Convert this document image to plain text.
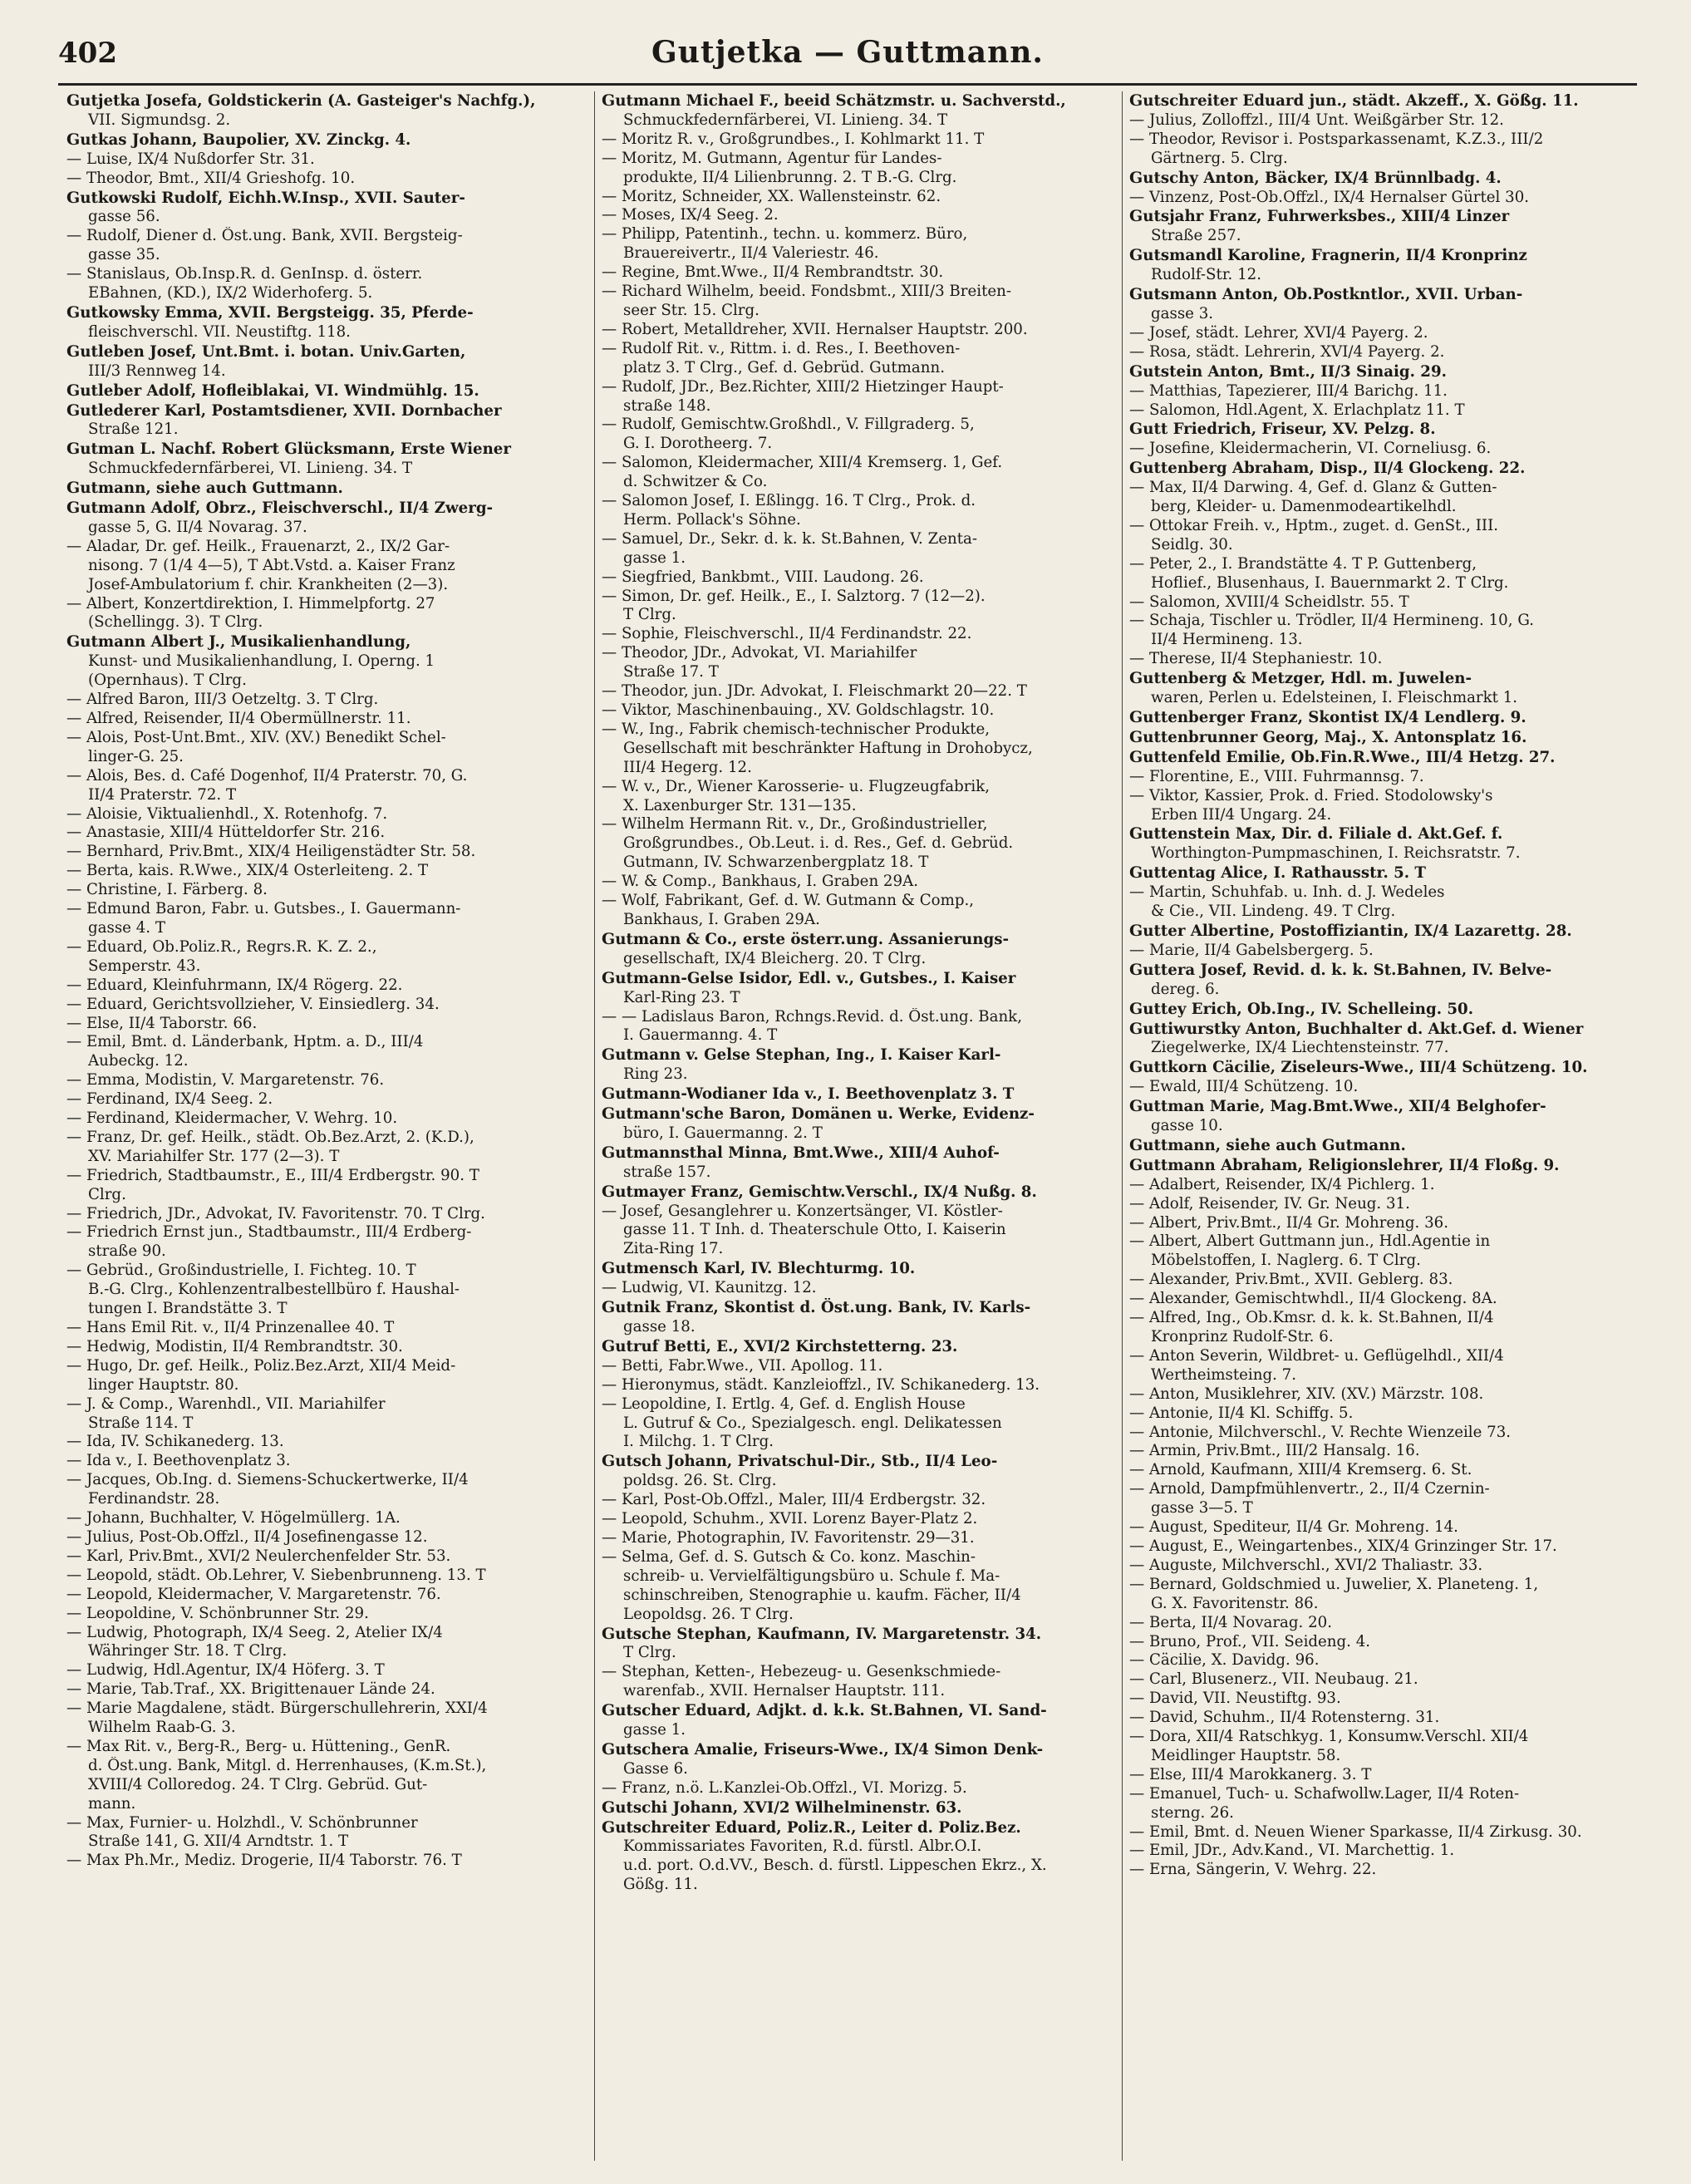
402	Gutjetka — Guttmann.
Gutjetka Josefa, Goldstickerin (A. Gasteiger's Nachfg.),
VII. Sigmundsg. 2.
Gutkas Johann, Baupolier, XV. Zinckg. 4.
— Luise, IX/4 Nußdorfer Str. 31.
— Theodor, Bmt., XII/4 Grieshofg. 10.
Gutkowski Rudolf, Eichh.W.Insp., XVII. Sauter-
gasse 56.
— Rudolf, Diener d. Öst.ung. Bank, XVII. Bergsteig-
gasse 35.
— Stanislaus, Ob.Insp.R. d. GenInsp. d. österr.
EBahnen, (KD.), IX/2 Widerhoferg. 5.
Gutkowsky Emma, XVII. Bergsteigg. 35, Pferde-
fleischverschl. VII. Neustiftg. 118.
Gutleben Josef, Unt.Bmt. i. botan. Univ.Garten,
III/3 Rennweg 14.
Gutleber Adolf, Hofleiblakai, VI. Windmühlg. 15.
Gutlederer Karl, Postamtsdiener, XVII. Dornbacher
Straße 121.
Gutman L. Nachf. Robert Glücksmann, Erste Wiener
Schmuckfedernfärberei, VI. Linieng. 34. T
Gutmann, siehe auch Guttmann.
Gutmann Adolf, Obrz., Fleischverschl., II/4 Zwerg-
gasse 5, G. II/4 Novarag. 37.
— Aladar, Dr. gef. Heilk., Frauenarzt, 2., IX/2 Gar-
nisong. 7 (1/4 4—5), T Abt.Vstd. a. Kaiser Franz
Josef-Ambulatorium f. chir. Krankheiten (2—3).
— Albert, Konzertdirektion, I. Himmelpfortg. 27
(Schellingg. 3). T Clrg.
Gutmann Albert J., Musikalienhandlung,
Kunst- und Musikalienhandlung, I. Operng. 1
(Opernhaus). T Clrg.
— Alfred Baron, III/3 Oetzeltg. 3. T Clrg.
— Alfred, Reisender, II/4 Obermüllnerstr. 11.
— Alois, Post-Unt.Bmt., XIV. (XV.) Benedikt Schel-
linger-G. 25.
— Alois, Bes. d. Café Dogenhof, II/4 Praterstr. 70, G.
II/4 Praterstr. 72. T
— Aloisie, Viktualienhdl., X. Rotenhofg. 7.
— Anastasie, XIII/4 Hütteldorfer Str. 216.
— Bernhard, Priv.Bmt., XIX/4 Heiligenstädter Str. 58.
— Berta, kais. R.Wwe., XIX/4 Osterleiteng. 2. T
— Christine, I. Färberg. 8.
— Edmund Baron, Fabr. u. Gutsbes., I. Gauermann-
gasse 4. T
— Eduard, Ob.Poliz.R., Regrs.R. K. Z. 2.,
Semperstr. 43.
— Eduard, Kleinfuhrmann, IX/4 Rögerg. 22.
— Eduard, Gerichtsvollzieher, V. Einsiedlerg. 34.
— Else, II/4 Taborstr. 66.
— Emil, Bmt. d. Länderbank, Hptm. a. D., III/4
Aubeckg. 12.
— Emma, Modistin, V. Margaretenstr. 76.
— Ferdinand, IX/4 Seeg. 2.
— Ferdinand, Kleidermacher, V. Wehrg. 10.
— Franz, Dr. gef. Heilk., städt. Ob.Bez.Arzt, 2. (K.D.),
XV. Mariahilfer Str. 177 (2—3). T
— Friedrich, Stadtbaumstr., E., III/4 Erdbergstr. 90. T
Clrg.
— Friedrich, JDr., Advokat, IV. Favoritenstr. 70. T Clrg.
— Friedrich Ernst jun., Stadtbaumstr., III/4 Erdberg-
straße 90.
— Gebrüd., Großindustrielle, I. Fichteg. 10. T
B.-G. Clrg., Kohlenzentralbestellbüro f. Haushal-
tungen I. Brandstätte 3. T
— Hans Emil Rit. v., II/4 Prinzenallee 40. T
— Hedwig, Modistin, II/4 Rembrandtstr. 30.
— Hugo, Dr. gef. Heilk., Poliz.Bez.Arzt, XII/4 Meid-
linger Hauptstr. 80.
— J. & Comp., Warenhdl., VII. Mariahilfer
Straße 114. T
— Ida, IV. Schikanederg. 13.
— Ida v., I. Beethovenplatz 3.
— Jacques, Ob.Ing. d. Siemens-Schuckertwerke, II/4
Ferdinandstr. 28.
— Johann, Buchhalter, V. Högelmüllerg. 1A.
— Julius, Post-Ob.Offzl., II/4 Josefinengasse 12.
— Karl, Priv.Bmt., XVI/2 Neulerchenfelder Str. 53.
— Leopold, städt. Ob.Lehrer, V. Siebenbrunneng. 13. T
— Leopold, Kleidermacher, V. Margaretenstr. 76.
— Leopoldine, V. Schönbrunner Str. 29.
— Ludwig, Photograph, IX/4 Seeg. 2, Atelier IX/4
Währinger Str. 18. T Clrg.
— Ludwig, Hdl.Agentur, IX/4 Höferg. 3. T
— Marie, Tab.Traf., XX. Brigittenauer Lände 24.
— Marie Magdalene, städt. Bürgerschullehrerin, XXI/4
Wilhelm Raab-G. 3.
— Max Rit. v., Berg-R., Berg- u. Hüttening., GenR.
d. Öst.ung. Bank, Mitgl. d. Herrenhauses, (K.m.St.),
XVIII/4 Colloredog. 24. T Clrg. Gebrüd. Gut-
mann.
— Max, Furnier- u. Holzhdl., V. Schönbrunner
Straße 141, G. XII/4 Arndtstr. 1. T
— Max Ph.Mr., Mediz. Drogerie, II/4 Taborstr. 76. T
Gutmann Michael F., beeid Schätzmstr. u. Sachverstd.,
Schmuckfedernfärberei, VI. Linieng. 34. T
— Moritz R. v., Großgrundbes., I. Kohlmarkt 11. T
— Moritz, M. Gutmann, Agentur für Landes-
produkte, II/4 Lilienbrunng. 2. T B.-G. Clrg.
— Moritz, Schneider, XX. Wallensteinstr. 62.
— Moses, IX/4 Seeg. 2.
— Philipp, Patentinh., techn. u. kommerz. Büro,
Brauereivertr., II/4 Valeriestr. 46.
— Regine, Bmt.Wwe., II/4 Rembrandtstr. 30.
— Richard Wilhelm, beeid. Fondsbmt., XIII/3 Breiten-
seer Str. 15. Clrg.
— Robert, Metalldreher, XVII. Hernalser Hauptstr. 200.
— Rudolf Rit. v., Rittm. i. d. Res., I. Beethoven-
platz 3. T Clrg., Gef. d. Gebrüd. Gutmann.
— Rudolf, JDr., Bez.Richter, XIII/2 Hietzinger Haupt-
straße 148.
— Rudolf, Gemischtw.Großhdl., V. Fillgraderg. 5,
G. I. Dorotheerg. 7.
— Salomon, Kleidermacher, XIII/4 Kremserg. 1, Gef.
d. Schwitzer & Co.
— Salomon Josef, I. Eßlingg. 16. T Clrg., Prok. d.
Herm. Pollack's Söhne.
— Samuel, Dr., Sekr. d. k. k. St.Bahnen, V. Zenta-
gasse 1.
— Siegfried, Bankbmt., VIII. Laudong. 26.
— Simon, Dr. gef. Heilk., E., I. Salztorg. 7 (12—2).
T Clrg.
— Sophie, Fleischverschl., II/4 Ferdinandstr. 22.
— Theodor, JDr., Advokat, VI. Mariahilfer
Straße 17. T
— Theodor, jun. JDr. Advokat, I. Fleischmarkt 20—22. T
— Viktor, Maschinenbauing., XV. Goldschlagstr. 10.
— W., Ing., Fabrik chemisch-technischer Produkte,
Gesellschaft mit beschränkter Haftung in Drohobycz,
III/4 Hegerg. 12.
— W. v., Dr., Wiener Karosserie- u. Flugzeugfabrik,
X. Laxenburger Str. 131—135.
— Wilhelm Hermann Rit. v., Dr., Großindustrieller,
Großgrundbes., Ob.Leut. i. d. Res., Gef. d. Gebrüd.
Gutmann, IV. Schwarzenbergplatz 18. T
— W. & Comp., Bankhaus, I. Graben 29A.
— Wolf, Fabrikant, Gef. d. W. Gutmann & Comp.,
Bankhaus, I. Graben 29A.
Gutmann & Co., erste österr.ung. Assanierungs-
gesellschaft, IX/4 Bleicherg. 20. T Clrg.
Gutmann-Gelse Isidor, Edl. v., Gutsbes., I. Kaiser
Karl-Ring 23. T
— — Ladislaus Baron, Rchngs.Revid. d. Öst.ung. Bank,
I. Gauermanng. 4. T
Gutmann v. Gelse Stephan, Ing., I. Kaiser Karl-
Ring 23.
Gutmann-Wodianer Ida v., I. Beethovenplatz 3. T
Gutmann'sche Baron, Domänen u. Werke, Evidenz-
büro, I. Gauermanng. 2. T
Gutmannsthal Minna, Bmt.Wwe., XIII/4 Auhof-
straße 157.
Gutmayer Franz, Gemischtw.Verschl., IX/4 Nußg. 8.
— Josef, Gesanglehrer u. Konzertsänger, VI. Köstler-
gasse 11. T Inh. d. Theaterschule Otto, I. Kaiserin
Zita-Ring 17.
Gutmensch Karl, IV. Blechturmg. 10.
— Ludwig, VI. Kaunitzg. 12.
Gutnik Franz, Skontist d. Öst.ung. Bank, IV. Karls-
gasse 18.
Gutruf Betti, E., XVI/2 Kirchstetterng. 23.
— Betti, Fabr.Wwe., VII. Apollog. 11.
— Hieronymus, städt. Kanzleioffzl., IV. Schikanederg. 13.
— Leopoldine, I. Ertlg. 4, Gef. d. English House
L. Gutruf & Co., Spezialgesch. engl. Delikatessen
I. Milchg. 1. T Clrg.
Gutsch Johann, Privatschul-Dir., Stb., II/4 Leo-
poldsg. 26. St. Clrg.
— Karl, Post-Ob.Offzl., Maler, III/4 Erdbergstr. 32.
— Leopold, Schuhm., XVII. Lorenz Bayer-Platz 2.
— Marie, Photographin, IV. Favoritenstr. 29—31.
— Selma, Gef. d. S. Gutsch & Co. konz. Maschin-
schreib- u. Vervielfältigungsbüro u. Schule f. Ma-
schinschreiben, Stenographie u. kaufm. Fächer, II/4
Leopoldsg. 26. T Clrg.
Gutsche Stephan, Kaufmann, IV. Margaretenstr. 34.
T Clrg.
— Stephan, Ketten-, Hebezeug- u. Gesenkschmiede-
warenfab., XVII. Hernalser Hauptstr. 111.
Gutscher Eduard, Adjkt. d. k.k. St.Bahnen, VI. Sand-
gasse 1.
Gutschera Amalie, Friseurs-Wwe., IX/4 Simon Denk-
Gasse 6.
— Franz, n.ö. L.Kanzlei-Ob.Offzl., VI. Morizg. 5.
Gutschi Johann, XVI/2 Wilhelminenstr. 63.
Gutschreiter Eduard, Poliz.R., Leiter d. Poliz.Bez.
Kommissariates Favoriten, R.d. fürstl. Albr.O.I.
u.d. port. O.d.VV., Besch. d. fürstl. Lippeschen Ekrz., X.
Gößg. 11.
Gutschreiter Eduard jun., städt. Akzeff., X. Gößg. 11.
— Julius, Zolloffzl., III/4 Unt. Weißgärber Str. 12.
— Theodor, Revisor i. Postsparkassenamt, K.Z.3., III/2
Gärtnerg. 5. Clrg.
Gutschy Anton, Bäcker, IX/4 Brünnlbadg. 4.
— Vinzenz, Post-Ob.Offzl., IX/4 Hernalser Gürtel 30.
Gutsjahr Franz, Fuhrwerksbes., XIII/4 Linzer
Straße 257.
Gutsmandl Karoline, Fragnerin, II/4 Kronprinz
Rudolf-Str. 12.
Gutsmann Anton, Ob.Postkntlor., XVII. Urban-
gasse 3.
— Josef, städt. Lehrer, XVI/4 Payerg. 2.
— Rosa, städt. Lehrerin, XVI/4 Payerg. 2.
Gutstein Anton, Bmt., II/3 Sinaig. 29.
— Matthias, Tapezierer, III/4 Barichg. 11.
— Salomon, Hdl.Agent, X. Erlachplatz 11. T
Gutt Friedrich, Friseur, XV. Pelzg. 8.
— Josefine, Kleidermacherin, VI. Corneliusg. 6.
Guttenberg Abraham, Disp., II/4 Glockeng. 22.
— Max, II/4 Darwing. 4, Gef. d. Glanz & Gutten-
berg, Kleider- u. Damenmodeartikelhdl.
— Ottokar Freih. v., Hptm., zuget. d. GenSt., III.
Seidlg. 30.
— Peter, 2., I. Brandstätte 4. T P. Guttenberg,
Hoflief., Blusenhaus, I. Bauernmarkt 2. T Clrg.
— Salomon, XVIII/4 Scheidlstr. 55. T
— Schaja, Tischler u. Trödler, II/4 Hermineng. 10, G.
II/4 Hermineng. 13.
— Therese, II/4 Stephaniestr. 10.
Guttenberg & Metzger, Hdl. m. Juwelen-
waren, Perlen u. Edelsteinen, I. Fleischmarkt 1.
Guttenberger Franz, Skontist IX/4 Lendlerg. 9.
Guttenbrunner Georg, Maj., X. Antonsplatz 16.
Guttenfeld Emilie, Ob.Fin.R.Wwe., III/4 Hetzg. 27.
— Florentine, E., VIII. Fuhrmannsg. 7.
— Viktor, Kassier, Prok. d. Fried. Stodolowsky's
Erben III/4 Ungarg. 24.
Guttenstein Max, Dir. d. Filiale d. Akt.Gef. f.
Worthington-Pumpmaschinen, I. Reichsratstr. 7.
Guttentag Alice, I. Rathausstr. 5. T
— Martin, Schuhfab. u. Inh. d. J. Wedeles
& Cie., VII. Lindeng. 49. T Clrg.
Gutter Albertine, Postoffiziantin, IX/4 Lazarettg. 28.
— Marie, II/4 Gabelsbergerg. 5.
Guttera Josef, Revid. d. k. k. St.Bahnen, IV. Belve-
dereg. 6.
Guttey Erich, Ob.Ing., IV. Schelleing. 50.
Guttiwurstky Anton, Buchhalter d. Akt.Gef. d. Wiener
Ziegelwerke, IX/4 Liechtensteinstr. 77.
Guttkorn Cäcilie, Ziseleurs-Wwe., III/4 Schützeng. 10.
— Ewald, III/4 Schützeng. 10.
Guttman Marie, Mag.Bmt.Wwe., XII/4 Belghofer-
gasse 10.
Guttmann, siehe auch Gutmann.
Guttmann Abraham, Religionslehrer, II/4 Floßg. 9.
— Adalbert, Reisender, IX/4 Pichlerg. 1.
— Adolf, Reisender, IV. Gr. Neug. 31.
— Albert, Priv.Bmt., II/4 Gr. Mohreng. 36.
— Albert, Albert Guttmann jun., Hdl.Agentie in
Möbelstoffen, I. Naglerg. 6. T Clrg.
— Alexander, Priv.Bmt., XVII. Geblerg. 83.
— Alexander, Gemischtwhdl., II/4 Glockeng. 8A.
— Alfred, Ing., Ob.Kmsr. d. k. k. St.Bahnen, II/4
Kronprinz Rudolf-Str. 6.
— Anton Severin, Wildbret- u. Geflügelhdl., XII/4
Wertheimsteing. 7.
— Anton, Musiklehrer, XIV. (XV.) Märzstr. 108.
— Antonie, II/4 Kl. Schiffg. 5.
— Antonie, Milchverschl., V. Rechte Wienzeile 73.
— Armin, Priv.Bmt., III/2 Hansalg. 16.
— Arnold, Kaufmann, XIII/4 Kremserg. 6. St.
— Arnold, Dampfmühlenvertr., 2., II/4 Czernin-
gasse 3—5. T
— August, Spediteur, II/4 Gr. Mohreng. 14.
— August, E., Weingartenbes., XIX/4 Grinzinger Str. 17.
— Auguste, Milchverschl., XVI/2 Thaliastr. 33.
— Bernard, Goldschmied u. Juwelier, X. Planeteng. 1,
G. X. Favoritenstr. 86.
— Berta, II/4 Novarag. 20.
— Bruno, Prof., VII. Seideng. 4.
— Cäcilie, X. Davidg. 96.
— Carl, Blusenerz., VII. Neubaug. 21.
— David, VII. Neustiftg. 93.
— David, Schuhm., II/4 Rotensterng. 31.
— Dora, XII/4 Ratschkyg. 1, Konsumw.Verschl. XII/4
Meidlinger Hauptstr. 58.
— Else, III/4 Marokkanerg. 3. T
— Emanuel, Tuch- u. Schafwollw.Lager, II/4 Roten-
sterng. 26.
— Emil, Bmt. d. Neuen Wiener Sparkasse, II/4 Zirkusg. 30.
— Emil, JDr., Adv.Kand., VI. Marchettig. 1.
— Erna, Sängerin, V. Wehrg. 22.
